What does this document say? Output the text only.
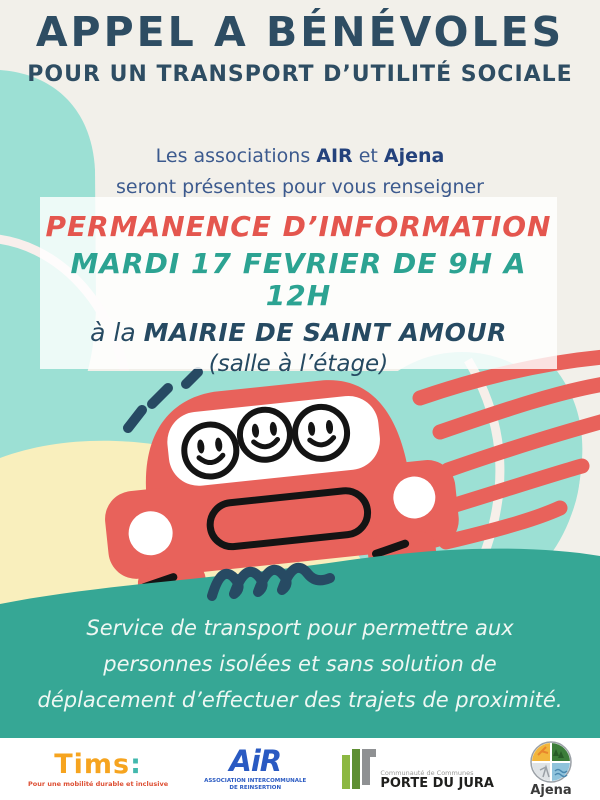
APPEL A BÉNÉVOLES
POUR UN TRANSPORT D’UTILITÉ SOCIALE
Les associations AIR et Ajena
seront présentes pour vous renseigner
PERMANENCE D’INFORMATION
MARDI 17 FEVRIER DE 9H A 12H
à la MAIRIE DE SAINT AMOUR
(salle à l’étage)
Service de transport pour permettre aux
personnes isolées et sans solution de
déplacement d’effectuer des trajets de proximité.
Tims:
Pour une mobilité durable et inclusive
AiR
ASSOCIATION INTERCOMMUNALE
DE REINSERTION
Communauté de Communes
PORTE DU JURA	Ajena
